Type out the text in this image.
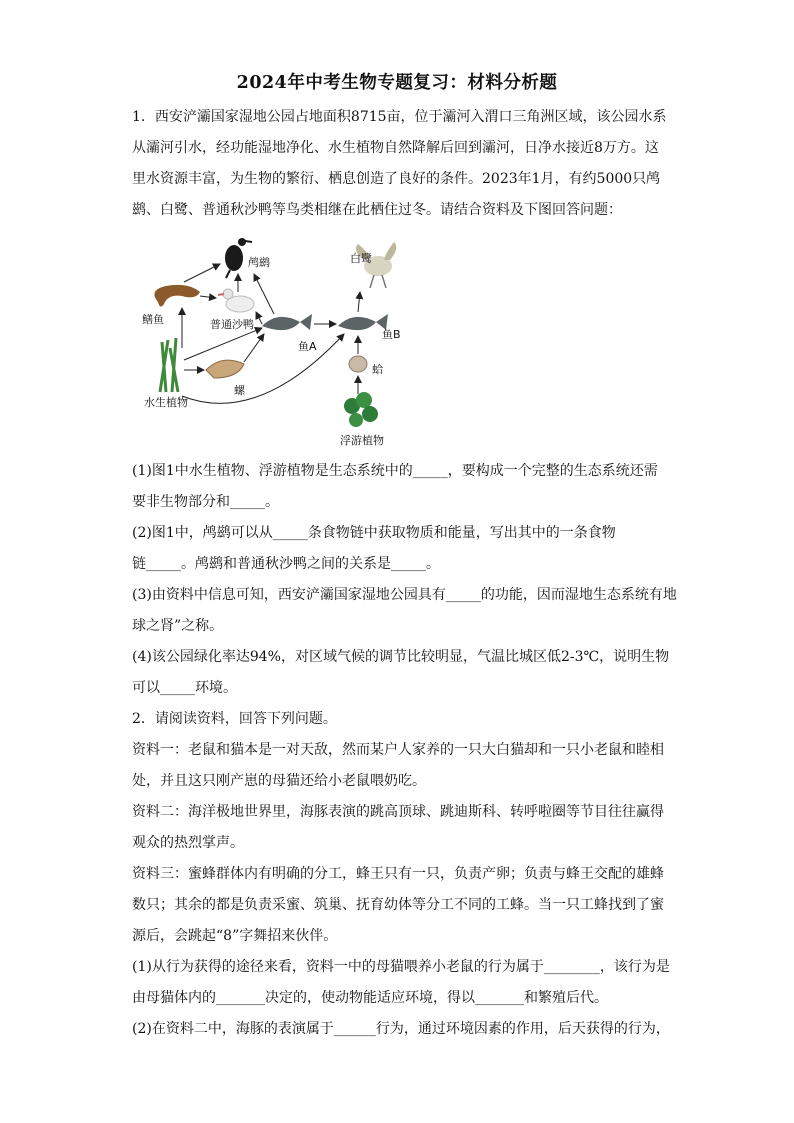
2024年中考生物专题复习：材料分析题
1．西安浐灞国家湿地公园占地面积8715亩，位于灞河入渭口三角洲区域，该公园水系
从灞河引水，经功能湿地净化、水生植物自然降解后回到灞河，日净水接近8万方。这
里水资源丰富，为生物的繁衍、栖息创造了良好的条件。2023年1月，有约5000只鸬
鹚、白鹭、普通秋沙鸭等鸟类相继在此栖住过冬。请结合资料及下图回答问题：
鸬鹚	白鹭
鳝鱼	普通沙鸭
鱼A
鱼B
蛤
螺
水生植物
浮游植物
(1)图1中水生植物、浮游植物是生态系统中的_____，要构成一个完整的生态系统还需
要非生物部分和_____。
(2)图1中，鸬鹚可以从_____条食物链中获取物质和能量，写出其中的一条食物
链_____。鸬鹚和普通秋沙鸭之间的关系是_____。
(3)由资料中信息可知，西安浐灞国家湿地公园具有_____的功能，因而湿地生态系统有地
球之肾”之称。
(4)该公园绿化率达94%，对区域气候的调节比较明显，气温比城区低2-3℃，说明生物
可以_____环境。
2．请阅读资料，回答下列问题。
资料一：老鼠和猫本是一对天敌，然而某户人家养的一只大白猫却和一只小老鼠和睦相
处，并且这只刚产崽的母猫还给小老鼠喂奶吃。
资料二：海洋极地世界里，海豚表演的跳高顶球、跳迪斯科、转呼啦圈等节目往往赢得
观众的热烈掌声。
资料三：蜜蜂群体内有明确的分工，蜂王只有一只，负责产卵；负责与蜂王交配的雄蜂
数只；其余的都是负责采蜜、筑巢、抚育幼体等分工不同的工蜂。当一只工蜂找到了蜜
源后，会跳起“8”字舞招来伙伴。
(1)从行为获得的途径来看，资料一中的母猫喂养小老鼠的行为属于________，该行为是
由母猫体内的_______决定的，使动物能适应环境，得以_______和繁殖后代。
(2)在资料二中，海豚的表演属于______行为，通过环境因素的作用，后天获得的行为，
